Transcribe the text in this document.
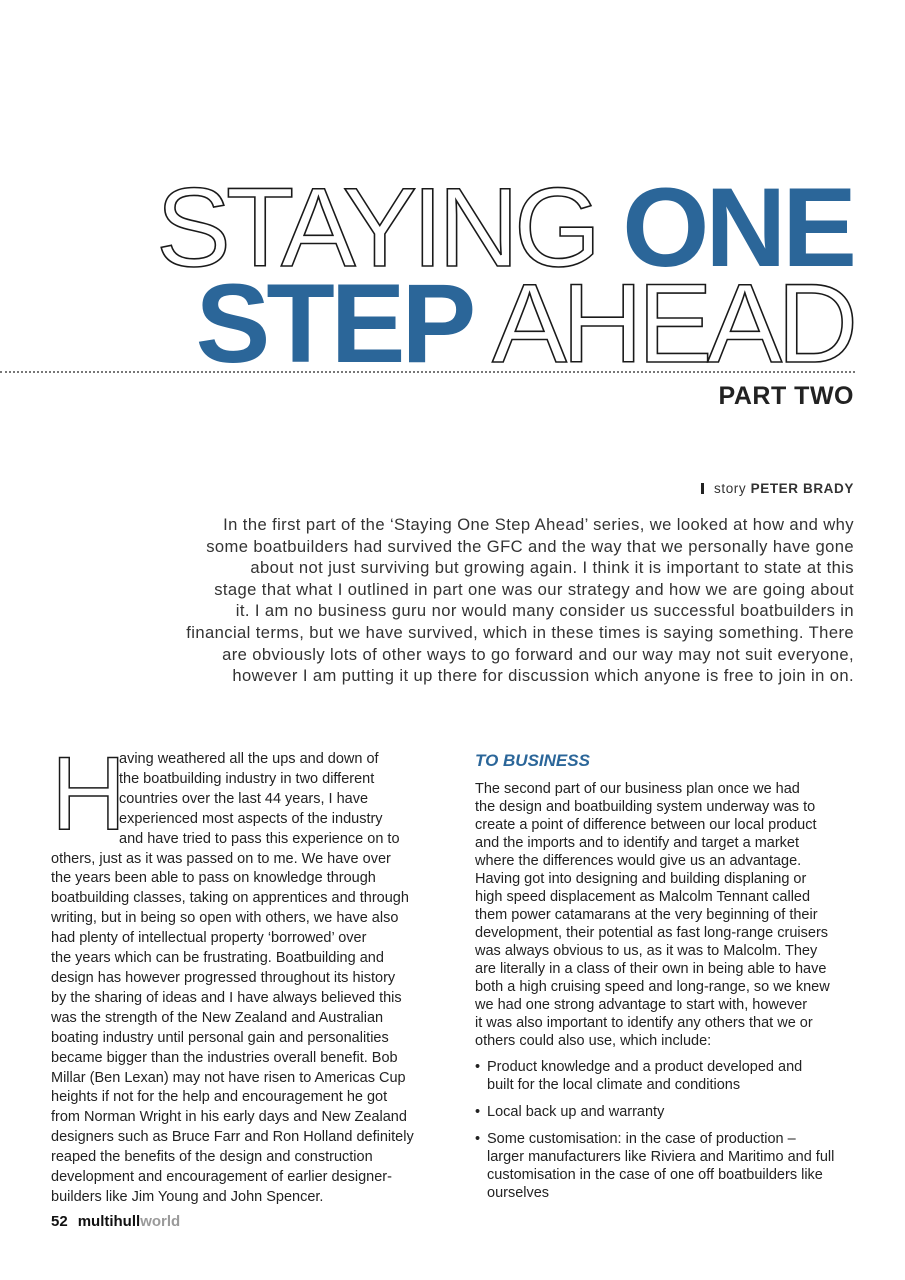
STAYING ONE
STEP AHEAD
PART TWO
story PETER BRADY
In the first part of the ‘Staying One Step Ahead’ series, we looked at how and why
some boatbuilders had survived the GFC and the way that we personally have gone
about not just surviving but growing again. I think it is important to state at this
stage that what I outlined in part one was our strategy and how we are going about
it. I am no business guru nor would many consider us successful boatbuilders in
financial terms, but we have survived, which in these times is saying something. There
are obviously lots of other ways to go forward and our way may not suit everyone,
however I am putting it up there for discussion which anyone is free to join in on.
H
aving weathered all the ups and down of
the boatbuilding industry in two different
countries over the last 44 years, I have
experienced most aspects of the industry
and have tried to pass this experience on to
others, just as it was passed on to me. We have over
the years been able to pass on knowledge through
boatbuilding classes, taking on apprentices and through
writing, but in being so open with others, we have also
had plenty of intellectual property ‘borrowed’ over
the years which can be frustrating. Boatbuilding and
design has however progressed throughout its history
by the sharing of ideas and I have always believed this
was the strength of the New Zealand and Australian
boating industry until personal gain and personalities
became bigger than the industries overall benefit. Bob
Millar (Ben Lexan) may not have risen to Americas Cup
heights if not for the help and encouragement he got
from Norman Wright in his early days and New Zealand
designers such as Bruce Farr and Ron Holland definitely
reaped the benefits of the design and construction
development and encouragement of earlier designer-
builders like Jim Young and John Spencer.
TO BUSINESS
The second part of our business plan once we had
the design and boatbuilding system underway was to
create a point of difference between our local product
and the imports and to identify and target a market
where the differences would give us an advantage.
Having got into designing and building displaning or
high speed displacement as Malcolm Tennant called
them power catamarans at the very beginning of their
development, their potential as fast long-range cruisers
was always obvious to us, as it was to Malcolm. They
are literally in a class of their own in being able to have
both a high cruising speed and long-range, so we knew
we had one strong advantage to start with, however
it was also important to identify any others that we or
others could also use, which include:
• Product knowledge and a product developed and
built for the local climate and conditions
• Local back up and warranty
• Some customisation: in the case of production –
larger manufacturers like Riviera and Maritimo and full
customisation in the case of one off boatbuilders like
ourselves
52 multihullworld
